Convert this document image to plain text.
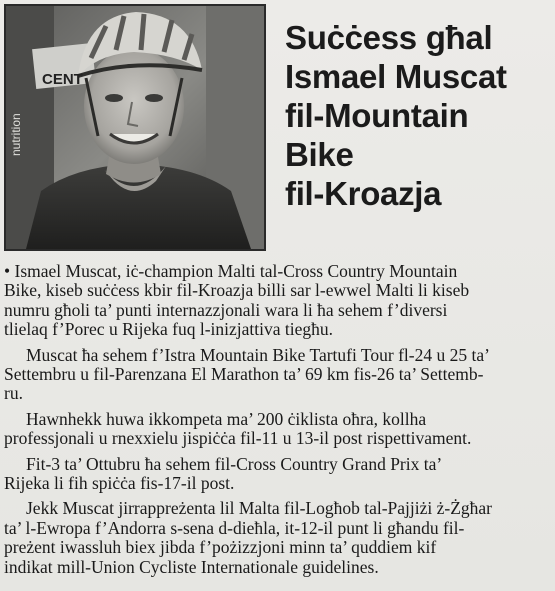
CENT
nutrition
Suċċess għal
Ismael Muscat
fil-Mountain
Bike
fil-Kroazja

• Ismael Muscat, iċ-champion Malti tal-Cross Country Mountain
Bike, kiseb suċċess kbir fil-Kroazja billi sar l-ewwel Malti li kiseb
numru għoli ta’ punti internazzjonali wara li ħa sehem f’diversi
tlielaq f’Porec u Rijeka fuq l-inizjattiva tiegħu.

Muscat ħa sehem f’Istra Mountain Bike Tartufi Tour fl-24 u 25 ta’
Settembru u fil-Parenzana El Marathon ta’ 69 km fis-26 ta’ Settemb-
ru.

Hawnhekk huwa ikkompeta ma’ 200 ċiklista oħra, kollha
professjonali u rnexxielu jispiċċa fil-11 u 13-il post rispettivament.

Fit-3 ta’ Ottubru ħa sehem fil-Cross Country Grand Prix ta’
Rijeka li fih spiċċa fis-17-il post.

Jekk Muscat jirrappreżenta lil Malta fil-Logħob tal-Pajjiżi ż-Żgħar
ta’ l-Ewropa f’Andorra s-sena d-dieħla, it-12-il punt li għandu fil-
preżent iwassluh biex jibda f’pożizzjoni minn ta’ quddiem kif
indikat mill-Union Cycliste Internationale guidelines.
